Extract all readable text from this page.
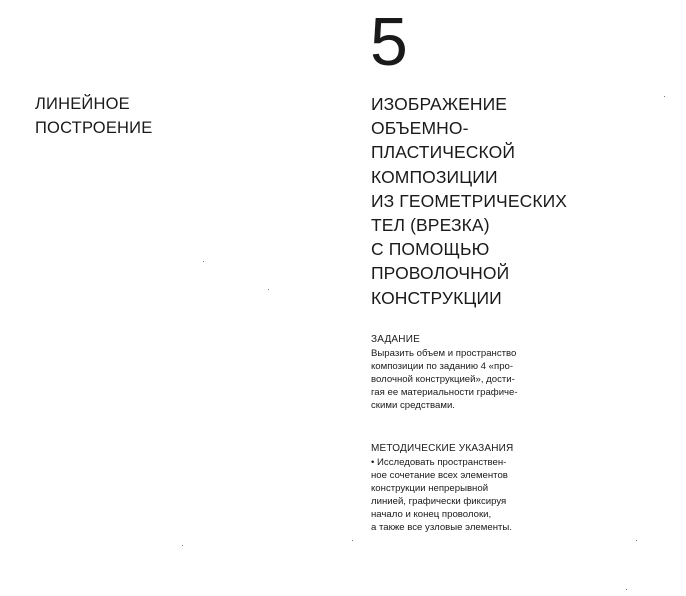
ЛИНЕЙНОЕ
ПОСТРОЕНИЕ
5
ИЗОБРАЖЕНИЕ
ОБЪЕМНО-
ПЛАСТИЧЕСКОЙ
КОМПОЗИЦИИ
ИЗ ГЕОМЕТРИЧЕСКИХ
ТЕЛ (ВРЕЗКА)
С ПОМОЩЬЮ
ПРОВОЛОЧНОЙ
КОНСТРУКЦИИ
ЗАДАНИЕ
Выразить объем и пространство
композиции по заданию 4 «про-
волочной конструкцией», дости-
гая ее материальности графиче-
скими средствами.
МЕТОДИЧЕСКИЕ УКАЗАНИЯ
• Исследовать пространствен-
ное сочетание всех элементов
конструкции непрерывной
линией, графически фиксируя
начало и конец проволоки,
а также все узловые элементы.
